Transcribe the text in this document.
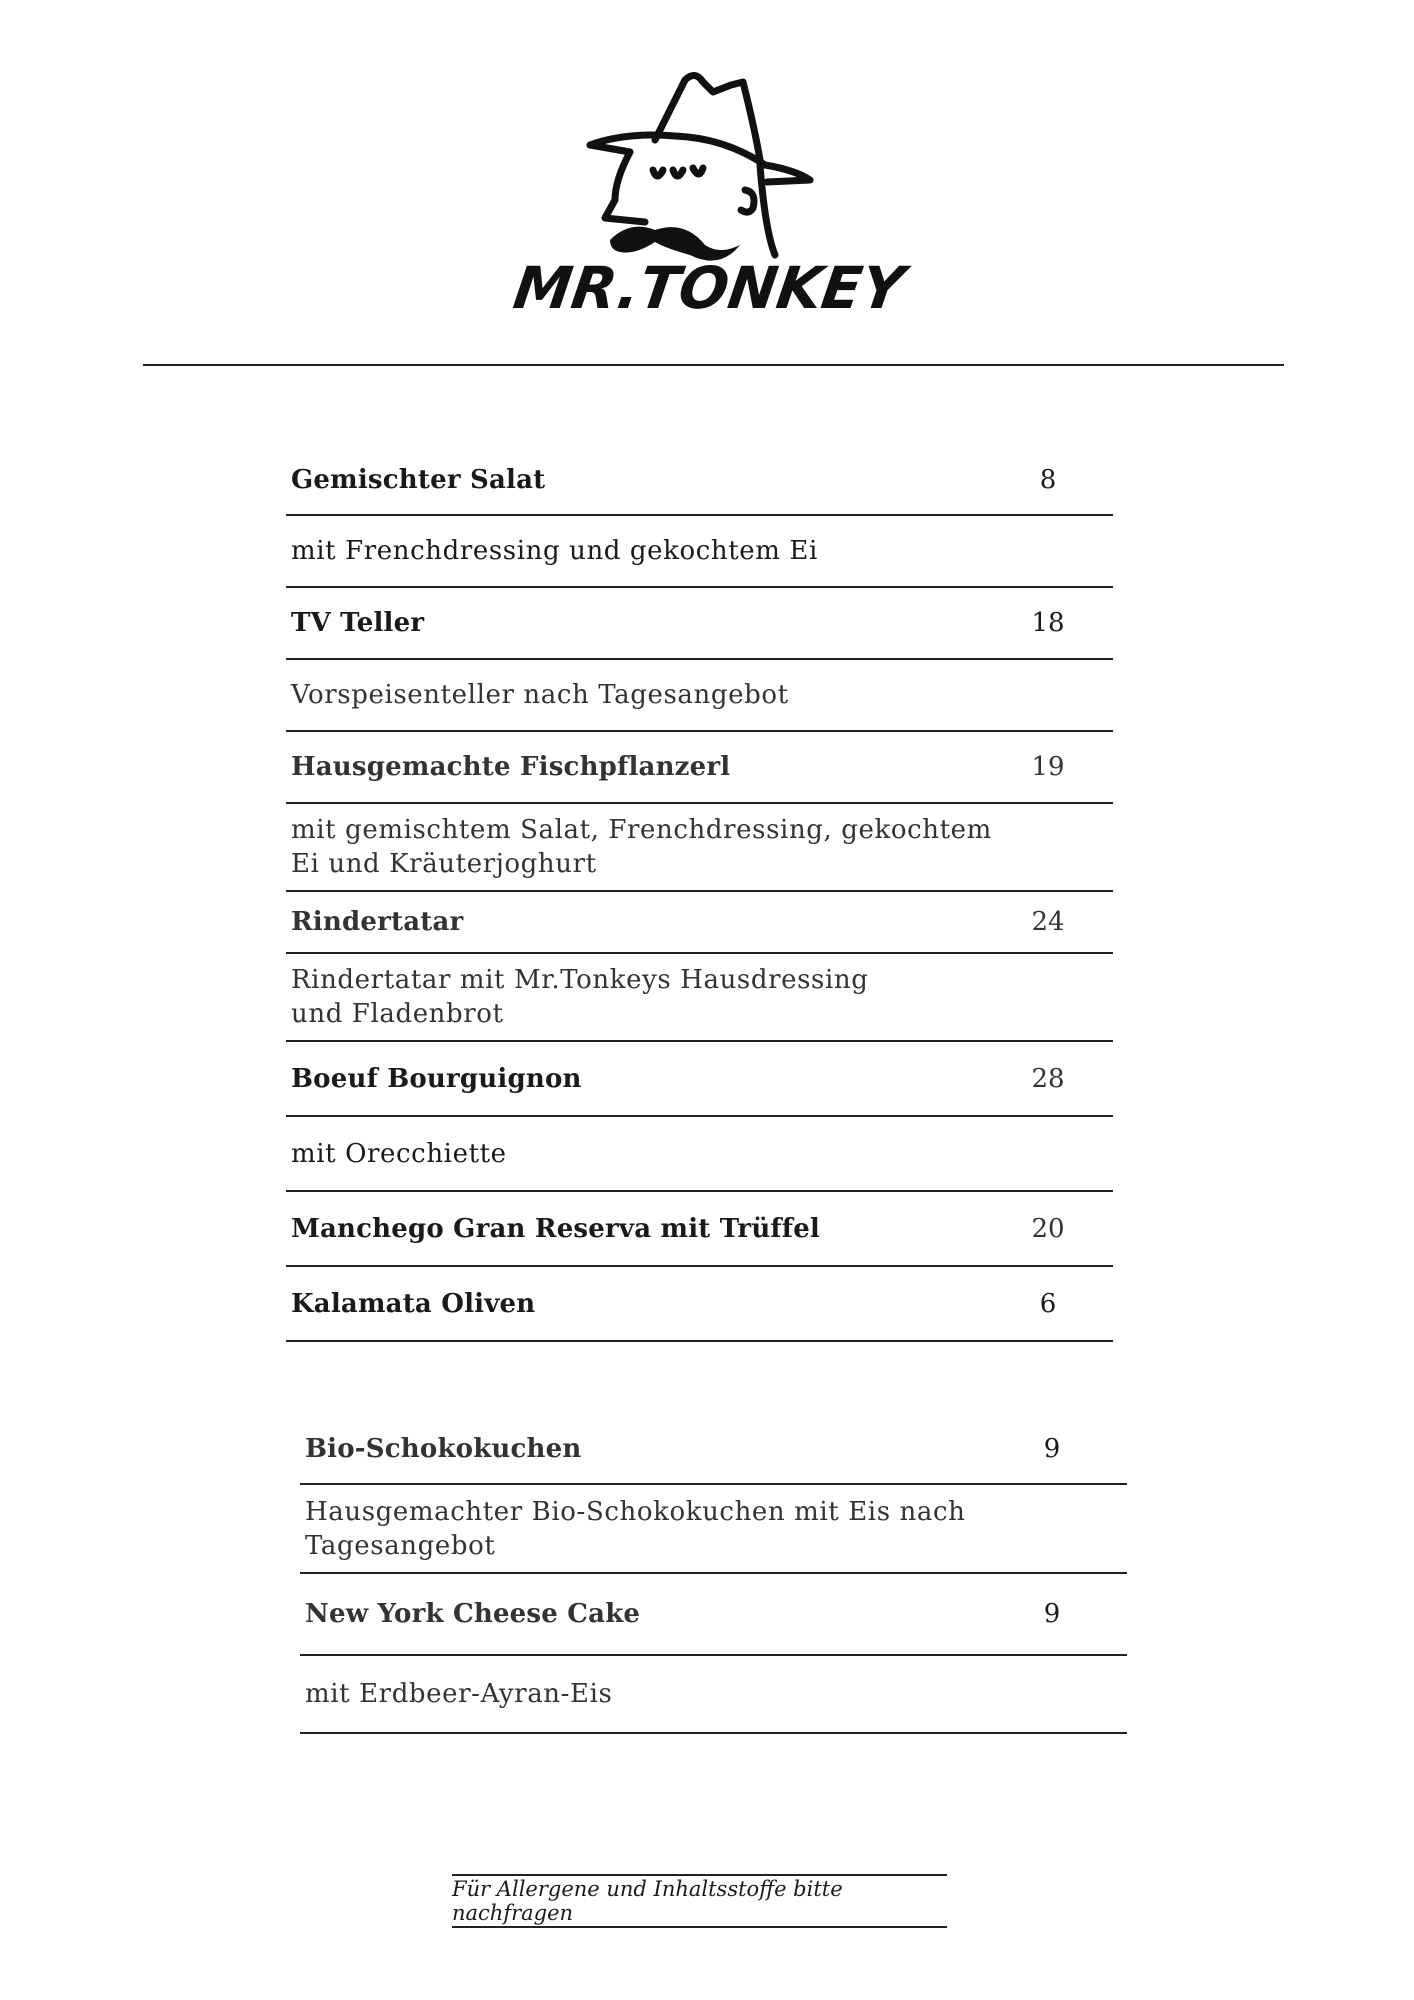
MR.TONKEY
Gemischter Salat	8
mit Frenchdressing und gekochtem Ei	
TV Teller	18
Vorspeisenteller nach Tagesangebot	
Hausgemachte Fischpflanzerl	19

mit gemischtem Salat, Frenchdressing, gekochtem
Ei und Kräuterjoghurt	

Rindertatar	24

Rindertatar mit Mr.Tonkeys Hausdressing
und Fladenbrot	

Boeuf Bourguignon	28
mit Orecchiette	
Manchego Gran Reserva mit Trüffel	20
Kalamata Oliven	6
Bio-Schokokuchen	9

Hausgemachter Bio-Schokokuchen mit Eis nach
Tagesangebot	

New York Cheese Cake	9
mit Erdbeer-Ayran-Eis	
Für Allergene und Inhaltsstoffe bitte nachfragen
